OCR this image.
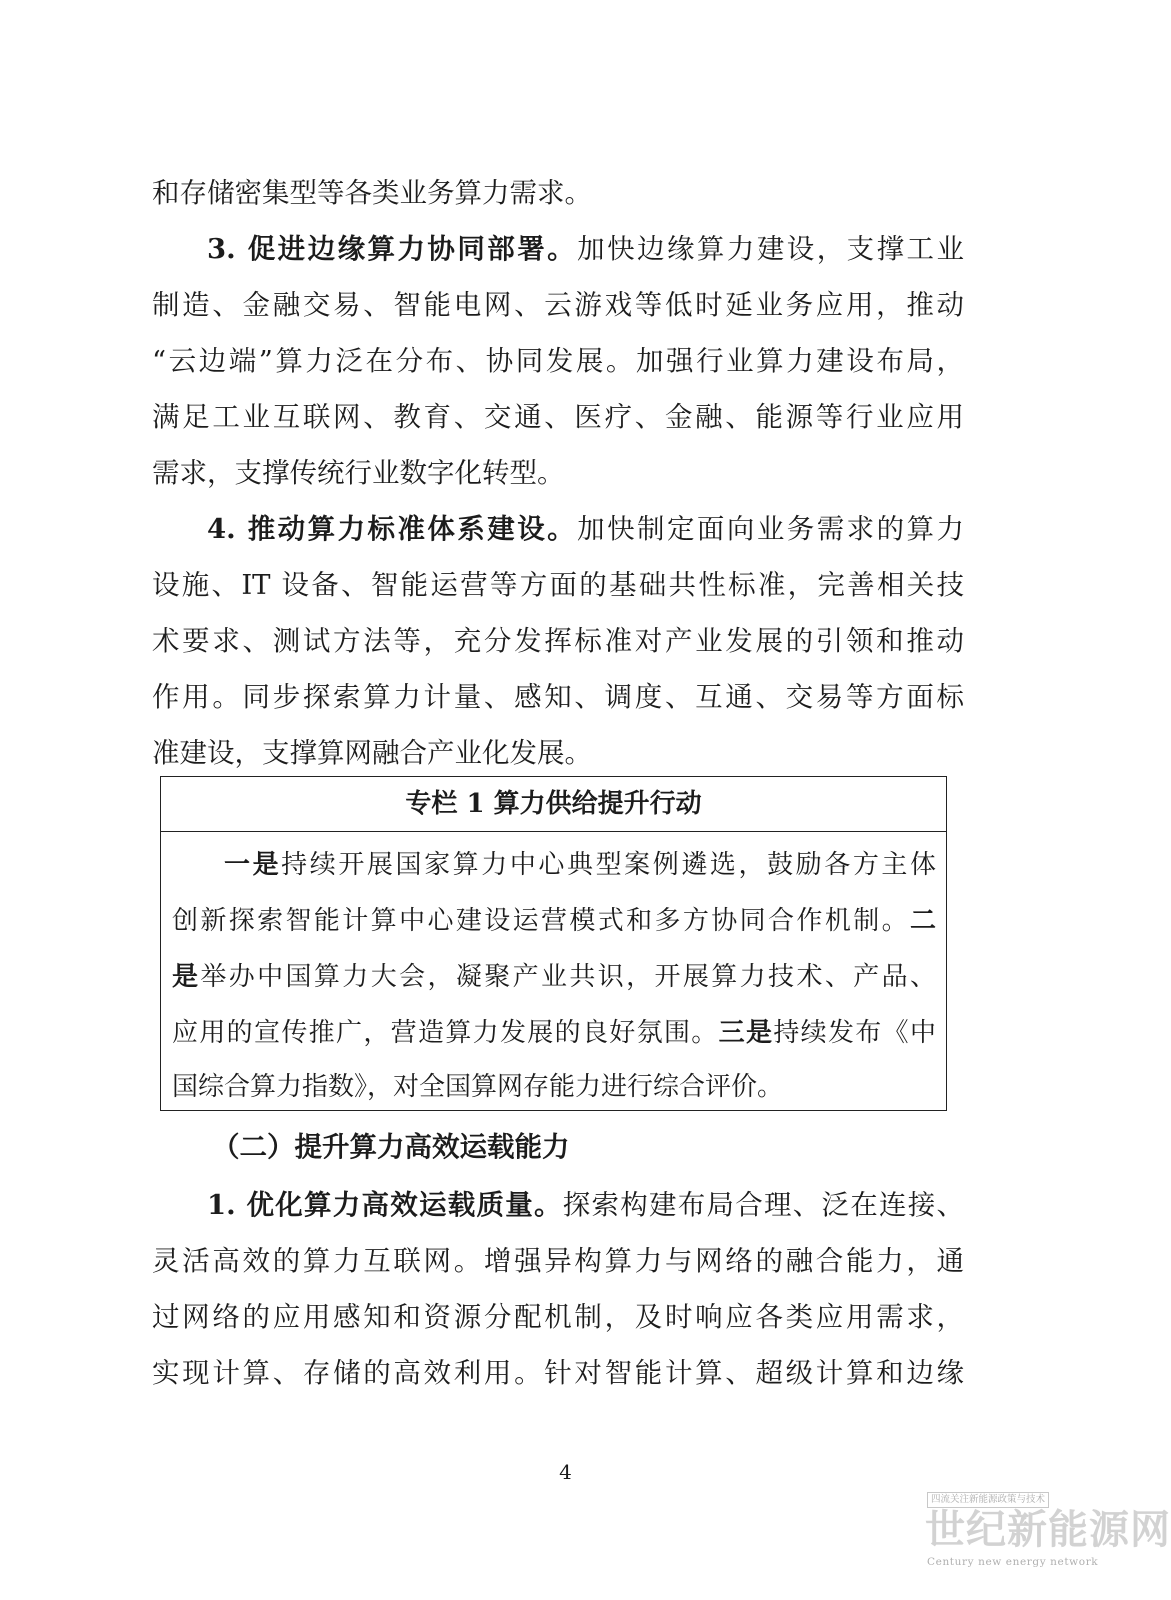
和存储密集型等各类业务算力需求。
3. 促进边缘算力协同部署。加快边缘算力建设，支撑工业
制造、金融交易、智能电网、云游戏等低时延业务应用，推动
“云边端”算力泛在分布、协同发展。加强行业算力建设布局，
满足工业互联网、教育、交通、医疗、金融、能源等行业应用
需求，支撑传统行业数字化转型。
4. 推动算力标准体系建设。加快制定面向业务需求的算力
设施、IT 设备、智能运营等方面的基础共性标准，完善相关技
术要求、测试方法等，充分发挥标准对产业发展的引领和推动
作用。同步探索算力计量、感知、调度、互通、交易等方面标
准建设，支撑算网融合产业化发展。
专栏 1 算力供给提升行动
一是持续开展国家算力中心典型案例遴选，鼓励各方主体
创新探索智能计算中心建设运营模式和多方协同合作机制。二
是举办中国算力大会，凝聚产业共识，开展算力技术、产品、
应用的宣传推广，营造算力发展的良好氛围。三是持续发布《中
国综合算力指数》，对全国算网存能力进行综合评价。
（二）提升算力高效运载能力
1. 优化算力高效运载质量。探索构建布局合理、泛在连接、
灵活高效的算力互联网。增强异构算力与网络的融合能力，通
过网络的应用感知和资源分配机制，及时响应各类应用需求，
实现计算、存储的高效利用。针对智能计算、超级计算和边缘
4
四流关注新能源政策与技术
世纪新能源网
Century new energy network
